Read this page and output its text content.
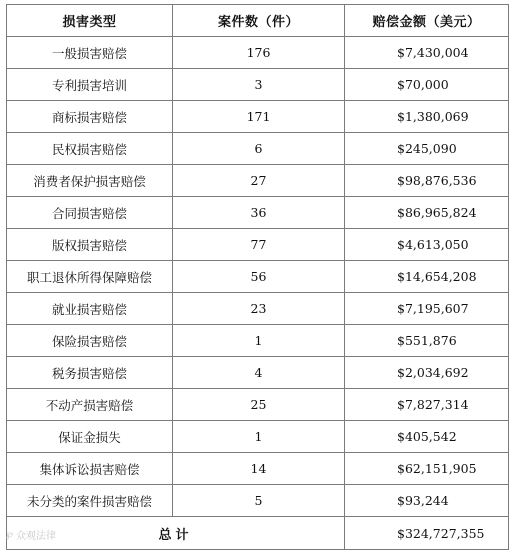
损害类型	案件数（件）	赔偿金额（美元）
一般损害赔偿	176	$7,430,004
专利损害培训	3	$70,000
商标损害赔偿	171	$1,380,069
民权损害赔偿	6	$245,090
消费者保护损害赔偿	27	$98,876,536
合同损害赔偿	36	$86,965,824
版权损害赔偿	77	$4,613,050
职工退休所得保障赔偿	56	$14,654,208
就业损害赔偿	23	$7,195,607
保险损害赔偿	1	$551,876
税务损害赔偿	4	$2,034,692
不动产损害赔偿	25	$7,827,314
保证金损失	1	$405,542
集体诉讼损害赔偿	14	$62,151,905
未分类的案件损害赔偿	5	$93,244
总计		$324,727,355
℘ 众观法律
